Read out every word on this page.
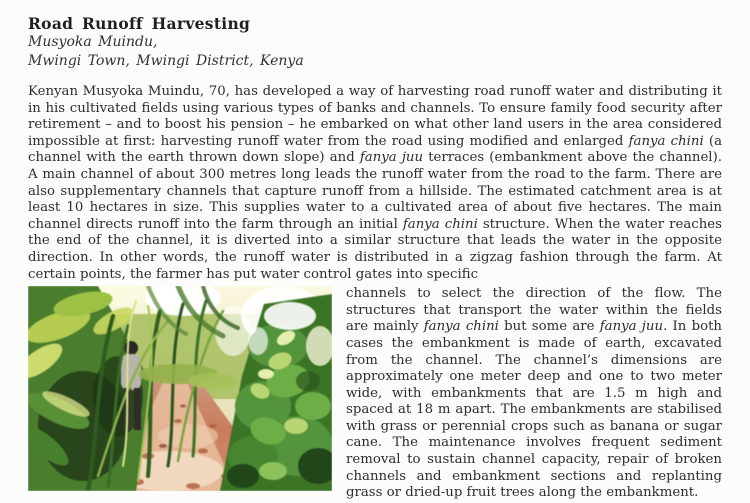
Road Runoff Harvesting

Musyoka Muindu,

Mwingi Town, Mwingi District, Kenya

Kenyan Musyoka Muindu, 70, has developed a way of harvesting road runoff water and distributing it in his cultivated fields using various types of banks and channels. To ensure family food security after retirement – and to boost his pension – he embarked on what other land users in the area considered impossible at first: harvesting runoff water from the road using modified and enlarged fanya chini (a channel with the earth thrown down slope) and fanya juu terraces (embankment above the channel). A main channel of about 300 metres long leads the runoff water from the road to the farm. There are also supplementary channels that capture runoff from a hillside. The estimated catchment area is at least 10 hectares in size. This supplies water to a cultivated area of about five hectares. The main channel directs runoff into the farm through an initial fanya chini structure. When the water reaches the end of the channel, it is diverted into a similar structure that leads the water in the opposite direction. In other words, the runoff water is distributed in a zigzag fashion through the farm. At certain points, the farmer has put water control gates into specific

channels to select the direction of the flow. The structures that transport the water within the fields are mainly fanya chini but some are fanya juu. In both cases the embankment is made of earth, excavated from the channel. The channel’s dimensions are approximately one meter deep and one to two meter wide, with embankments that are 1.5 m high and spaced at 18 m apart. The embankments are stabilised with grass or perennial crops such as banana or sugar cane. The maintenance involves frequent sediment removal to sustain channel capacity, repair of broken channels and embankment sections and replanting grass or dried-up fruit trees along the embankment.
